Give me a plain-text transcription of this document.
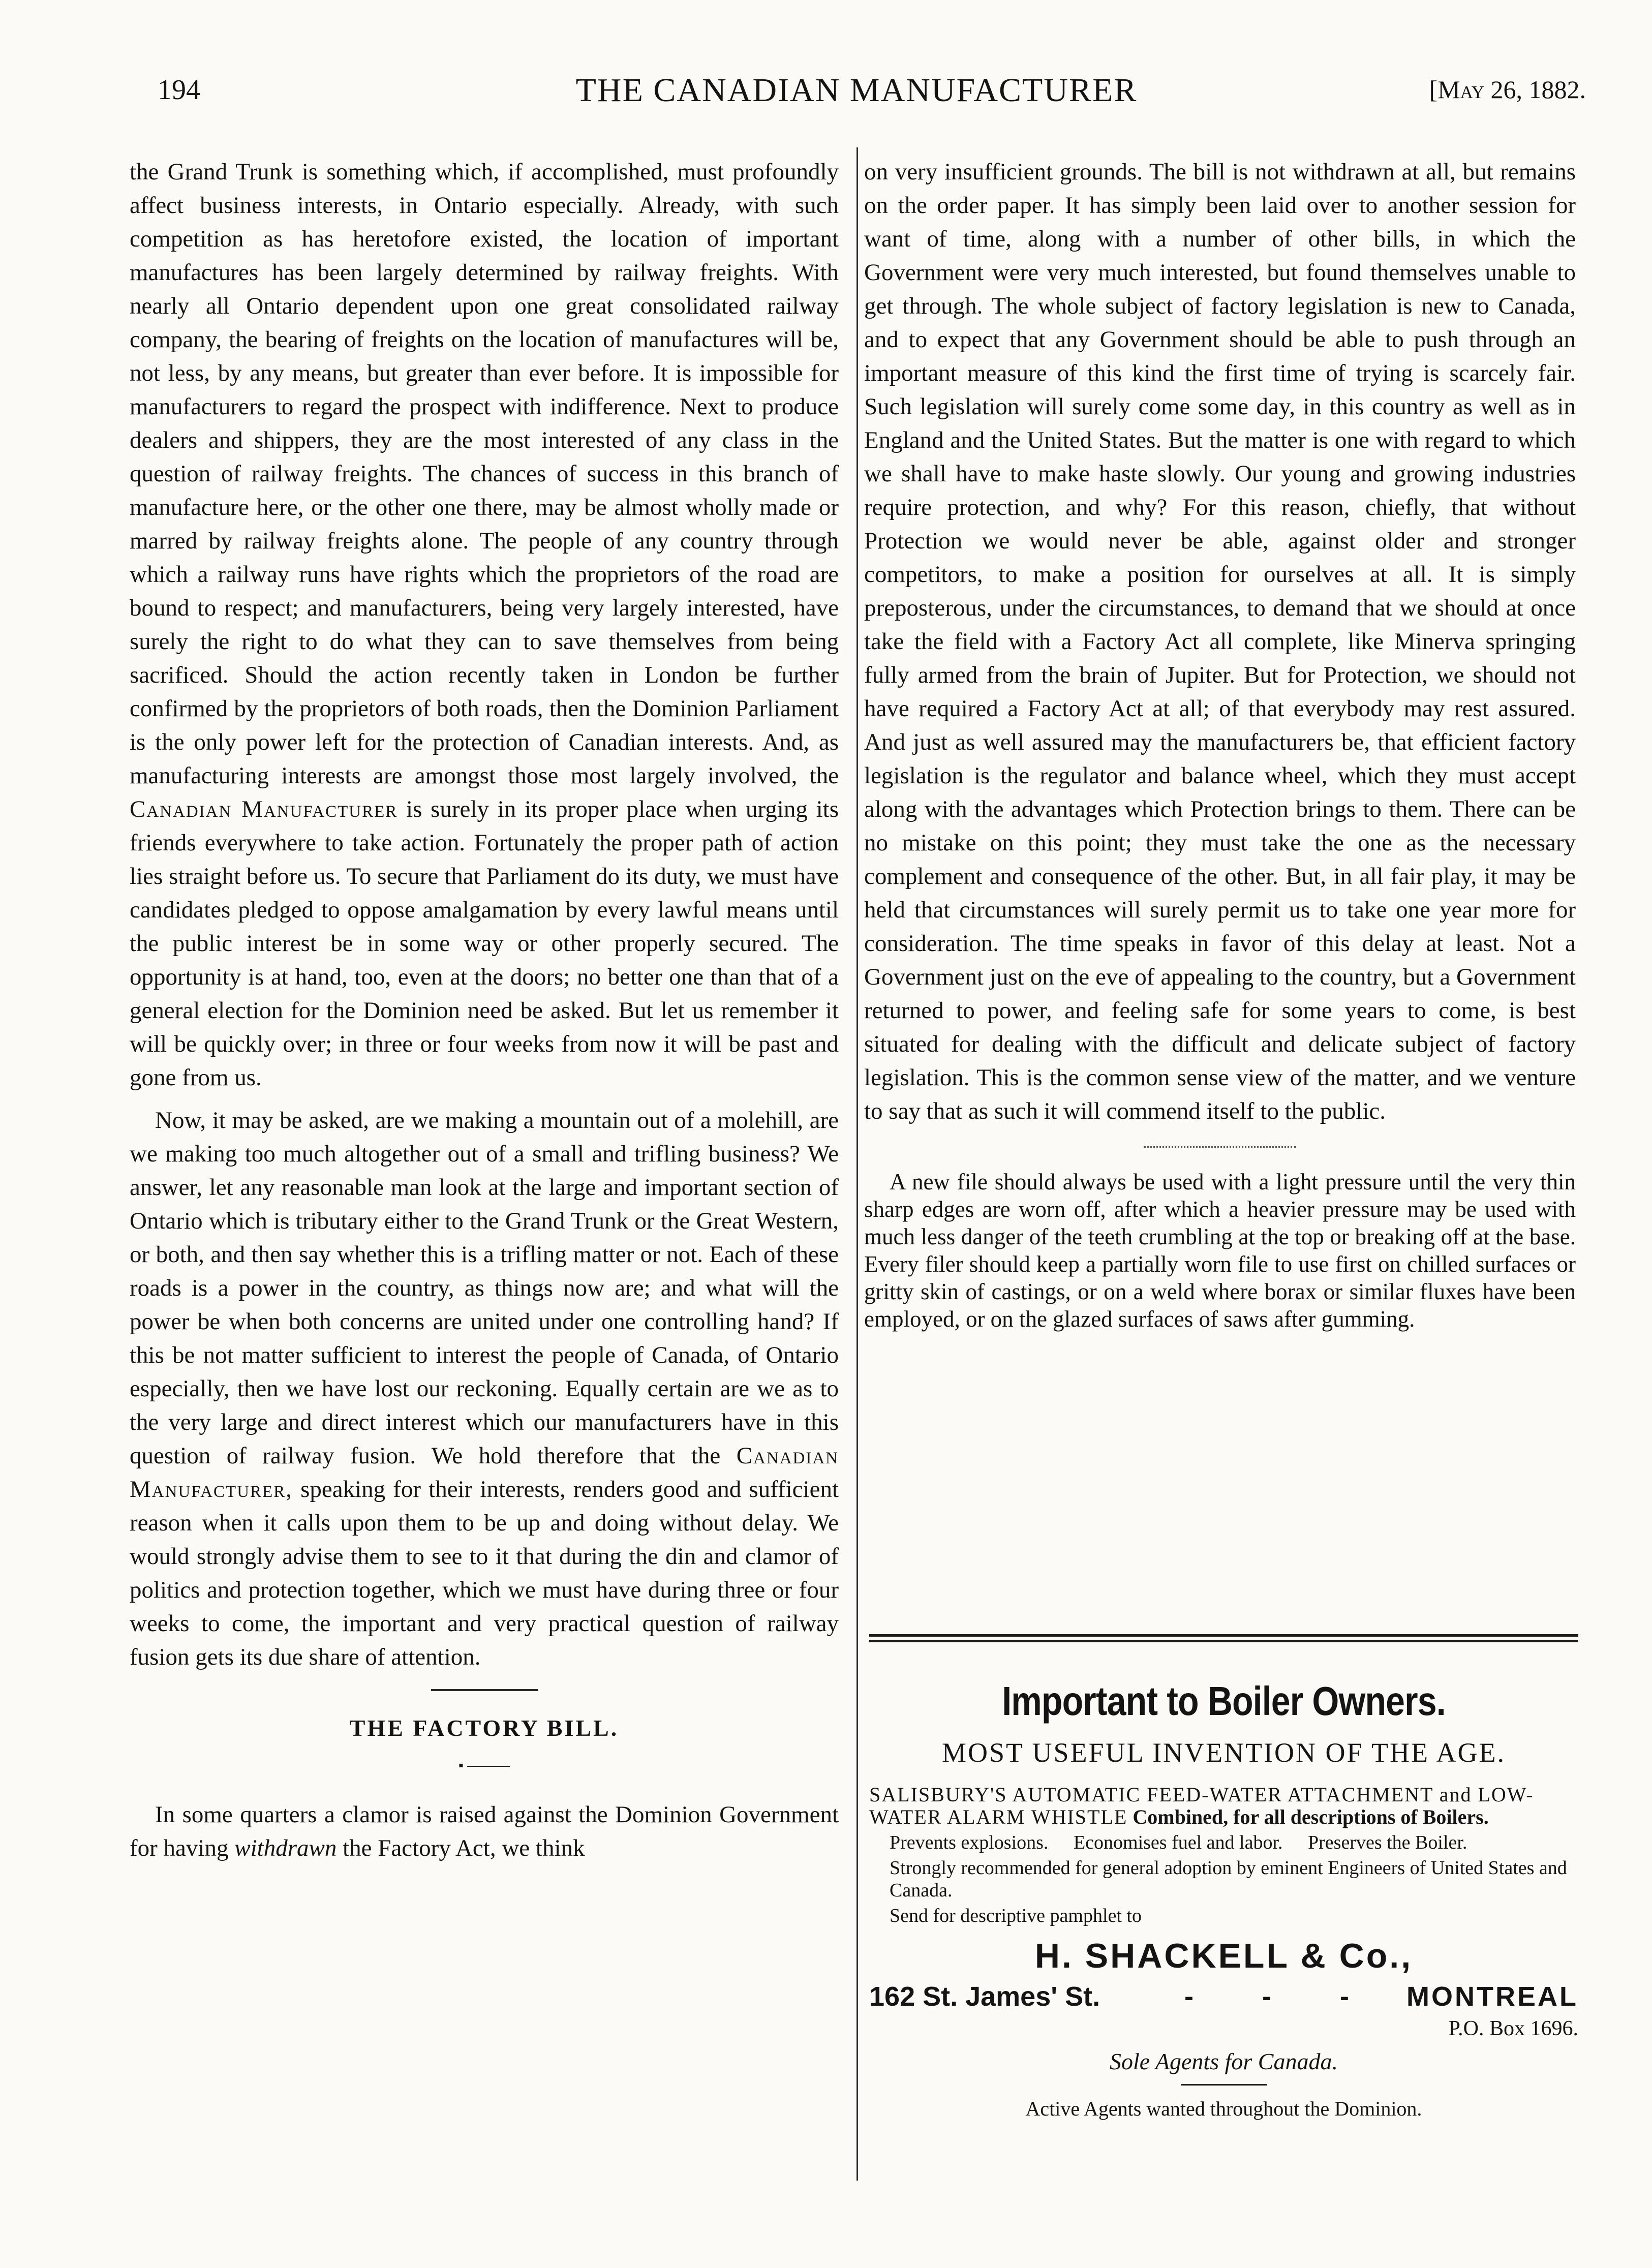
194	THE CANADIAN MANUFACTURER	[May 26, 1882.

the Grand Trunk is something which, if accomplished, must profoundly affect business interests, in Ontario especially. Already, with such competition as has heretofore existed, the location of important manufactures has been largely determined by railway freights. With nearly all Ontario dependent upon one great consolidated railway company, the bearing of freights on the location of manufactures will be, not less, by any means, but greater than ever before. It is impossible for manufacturers to regard the prospect with indifference. Next to produce dealers and shippers, they are the most interested of any class in the question of railway freights. The chances of success in this branch of manufacture here, or the other one there, may be almost wholly made or marred by railway freights alone. The people of any country through which a railway runs have rights which the proprietors of the road are bound to respect; and manufacturers, being very largely interested, have surely the right to do what they can to save themselves from being sacrificed. Should the action recently taken in London be further confirmed by the proprietors of both roads, then the Dominion Parliament is the only power left for the protection of Canadian interests. And, as manufacturing interests are amongst those most largely involved, the Canadian Manufacturer is surely in its proper place when urging its friends everywhere to take action. Fortunately the proper path of action lies straight before us. To secure that Parliament do its duty, we must have candidates pledged to oppose amalgamation by every lawful means until the public interest be in some way or other properly secured. The opportunity is at hand, too, even at the doors; no better one than that of a general election for the Dominion need be asked. But let us remember it will be quickly over; in three or four weeks from now it will be past and gone from us.

Now, it may be asked, are we making a mountain out of a molehill, are we making too much altogether out of a small and trifling business? We answer, let any reasonable man look at the large and important section of Ontario which is tributary either to the Grand Trunk or the Great Western, or both, and then say whether this is a trifling matter or not. Each of these roads is a power in the country, as things now are; and what will the power be when both concerns are united under one controlling hand? If this be not matter sufficient to interest the people of Canada, of Ontario especially, then we have lost our reckoning. Equally certain are we as to the very large and direct interest which our manufacturers have in this question of railway fusion. We hold therefore that the Canadian Manufacturer, speaking for their interests, renders good and sufficient reason when it calls upon them to be up and doing without delay. We would strongly advise them to see to it that during the din and clamor of politics and protection together, which we must have during three or four weeks to come, the important and very practical question of railway fusion gets its due share of attention.

THE FACTORY BILL.
▪ ———

In some quarters a clamor is raised against the Dominion Government for having withdrawn the Factory Act, we think

on very insufficient grounds. The bill is not withdrawn at all, but remains on the order paper. It has simply been laid over to another session for want of time, along with a number of other bills, in which the Government were very much interested, but found themselves unable to get through. The whole subject of factory legislation is new to Canada, and to expect that any Government should be able to push through an important measure of this kind the first time of trying is scarcely fair. Such legislation will surely come some day, in this country as well as in England and the United States. But the matter is one with regard to which we shall have to make haste slowly. Our young and growing industries require protection, and why? For this reason, chiefly, that without Protection we would never be able, against older and stronger competitors, to make a position for ourselves at all. It is simply preposterous, under the circumstances, to demand that we should at once take the field with a Factory Act all complete, like Minerva springing fully armed from the brain of Jupiter. But for Protection, we should not have required a Factory Act at all; of that everybody may rest assured. And just as well assured may the manufacturers be, that efficient factory legislation is the regulator and balance wheel, which they must accept along with the advantages which Protection brings to them. There can be no mistake on this point; they must take the one as the necessary complement and consequence of the other. But, in all fair play, it may be held that circumstances will surely permit us to take one year more for consideration. The time speaks in favor of this delay at least. Not a Government just on the eve of appealing to the country, but a Government returned to power, and feeling safe for some years to come, is best situated for dealing with the difficult and delicate subject of factory legislation. This is the common sense view of the matter, and we venture to say that as such it will commend itself to the public.

A new file should always be used with a light pressure until the very thin sharp edges are worn off, after which a heavier pressure may be used with much less danger of the teeth crumbling at the top or breaking off at the base. Every filer should keep a partially worn file to use first on chilled surfaces or gritty skin of castings, or on a weld where borax or similar fluxes have been employed, or on the glazed surfaces of saws after gumming.

Important to Boiler Owners.
MOST USEFUL INVENTION OF THE AGE.
SALISBURY'S AUTOMATIC FEED-WATER ATTACHMENT and LOW-WATER ALARM WHISTLE Combined, for all descriptions of Boilers.
Prevents explosions. Economises fuel and labor. Preserves the Boiler.
Strongly recommended for general adoption by eminent Engineers of United States and Canada.
Send for descriptive pamphlet to
H. SHACKELL & Co.,
162 St. James' St.	- - - MONTREAL
P.O. Box 1696.
Sole Agents for Canada.
Active Agents wanted throughout the Dominion.
